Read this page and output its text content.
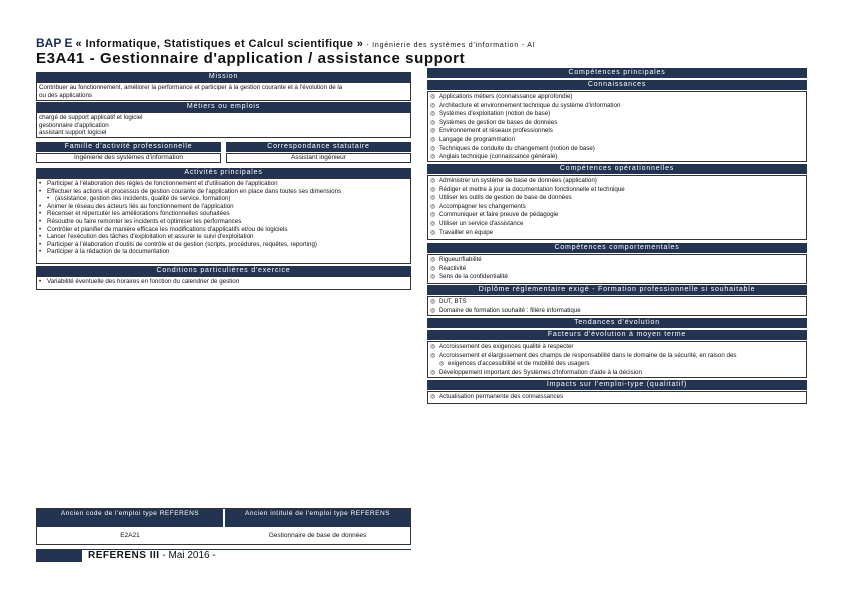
BAP E « Informatique, Statistiques et Calcul scientifique » - Ingénierie des systèmes d'information - AI
E3A41 - Gestionnaire d'application / assistance support
Mission
Contribuer au fonctionnement, améliorer la performance et participer à la gestion courante et à l'évolution de la
ou des applications
Métiers ou emplois
chargé de support applicatif et logiciel
gestionnaire d'application
assistant support logiciel
Famille d'activité professionnelle	Correspondance statutaire
Ingénierie des systèmes d'information	Assistant ingénieur
Activités principales
• Participer à l'élaboration des règles de fonctionnement et d'utilisation de l'application
• Effectuer les actions et processus de gestion courante de l'application en place dans toutes ses dimensions
• (assistance, gestion des incidents, qualité de service, formation)
• Animer le réseau des acteurs liés au fonctionnement de l'application
• Recenser et répercuter les améliorations fonctionnelles souhaitées
• Résoudre ou faire remonter les incidents et optimiser les performances
• Contrôler et planifier de manière efficace les modifications d'applicatifs et/ou de logiciels
• Lancer l'exécution des tâches d'exploitation et assurer le suivi d'exploitation
• Participer à l'élaboration d'outils de contrôle et de gestion (scripts, procédures, requêtes, reporting)
• Participer à la rédaction de la documentation
Conditions particulières d'exercice
• Variabilité éventuelle des horaires en fonction du calendrier de gestion
Compétences principales
Connaissances
◎ Applications métiers (connaissance approfondie)
◎ Architecture et environnement technique du système d'information
◎ Systèmes d'exploitation (notion de base)
◎ Systèmes de gestion de bases de données
◎ Environnement et réseaux professionnels
◎ Langage de programmation
◎ Techniques de conduite du changement (notion de base)
◎ Anglais technique (connaissance générale)
Compétences opérationnelles
◎ Administrer un système de base de données (application)
◎ Rédiger et mettre à jour la documentation fonctionnelle et technique
◎ Utiliser les outils de gestion de base de données
◎ Accompagner les changements
◎ Communiquer et faire preuve de pédagogie
◎ Utiliser un service d'assistance
◎ Travailler en équipe
Compétences comportementales
◎ Rigueur/fiabilité
◎ Réactivité
◎ Sens de la confidentialité
Diplôme réglementaire exigé - Formation professionnelle si souhaitable
◎ DUT, BTS
◎ Domaine de formation souhaité : filière informatique
Tendances d'évolution
Facteurs d'évolution à moyen terme
◎ Accroissement des exigences qualité à respecter
◎ Accroissement et élargissement des champs de responsabilité dans le domaine de la sécurité, en raison des
◎ exigences d'accessibilité et de mobilité des usagers
◎ Développement important des Systèmes d'Information d'aide à la décision
Impacts sur l'emploi-type (qualitatif)
◎ Actualisation permanente des connaissances
Ancien code de l'emploi type REFERENS	Ancien intitulé de l'emploi type REFERENS
E2A21	Gestionnaire de base de données
REFERENS III - Mai 2016 -
